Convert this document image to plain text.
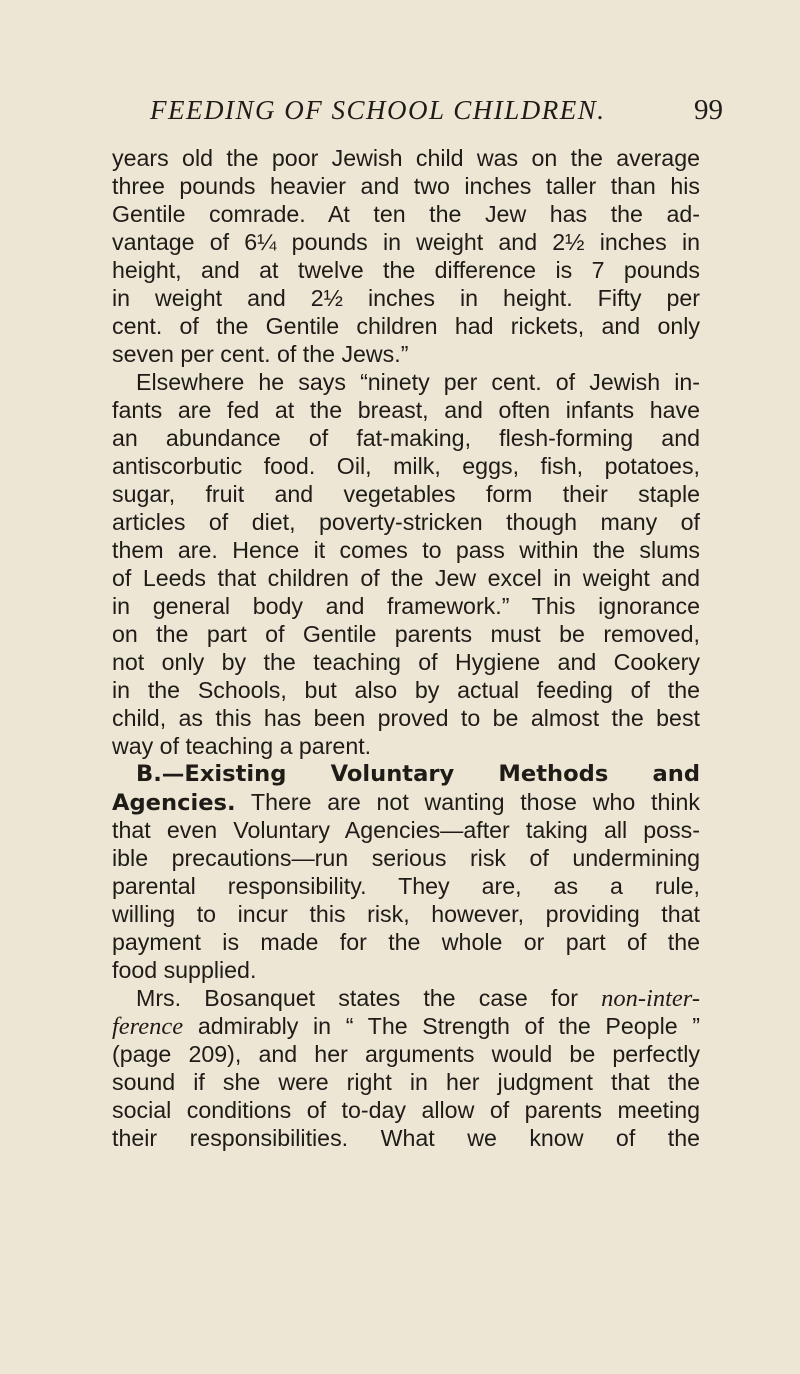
FEEDING OF SCHOOL CHILDREN.	99
years old the poor Jewish child was on the average
three pounds heavier and two inches taller than his
Gentile comrade. At ten the Jew has the ad-
vantage of 6¼ pounds in weight and 2½ inches in
height, and at twelve the difference is 7 pounds
in weight and 2½ inches in height. Fifty per
cent. of the Gentile children had rickets, and only
seven per cent. of the Jews.”
Elsewhere he says “ninety per cent. of Jewish in-
fants are fed at the breast, and often infants have
an abundance of fat-making, flesh-forming and
antiscorbutic food. Oil, milk, eggs, fish, potatoes,
sugar, fruit and vegetables form their staple
articles of diet, poverty-stricken though many of
them are. Hence it comes to pass within the slums
of Leeds that children of the Jew excel in weight and
in general body and framework.” This ignorance
on the part of Gentile parents must be removed,
not only by the teaching of Hygiene and Cookery
in the Schools, but also by actual feeding of the
child, as this has been proved to be almost the best
way of teaching a parent.
B.—Existing Voluntary Methods and
Agencies. There are not wanting those who think
that even Voluntary Agencies—after taking all poss-
ible precautions—run serious risk of undermining
parental responsibility. They are, as a rule,
willing to incur this risk, however, providing that
payment is made for the whole or part of the
food supplied.
Mrs. Bosanquet states the case for non-inter-
ference admirably in “ The Strength of the People ”
(page 209), and her arguments would be perfectly
sound if she were right in her judgment that the
social conditions of to-day allow of parents meeting
their responsibilities. What we know of the
